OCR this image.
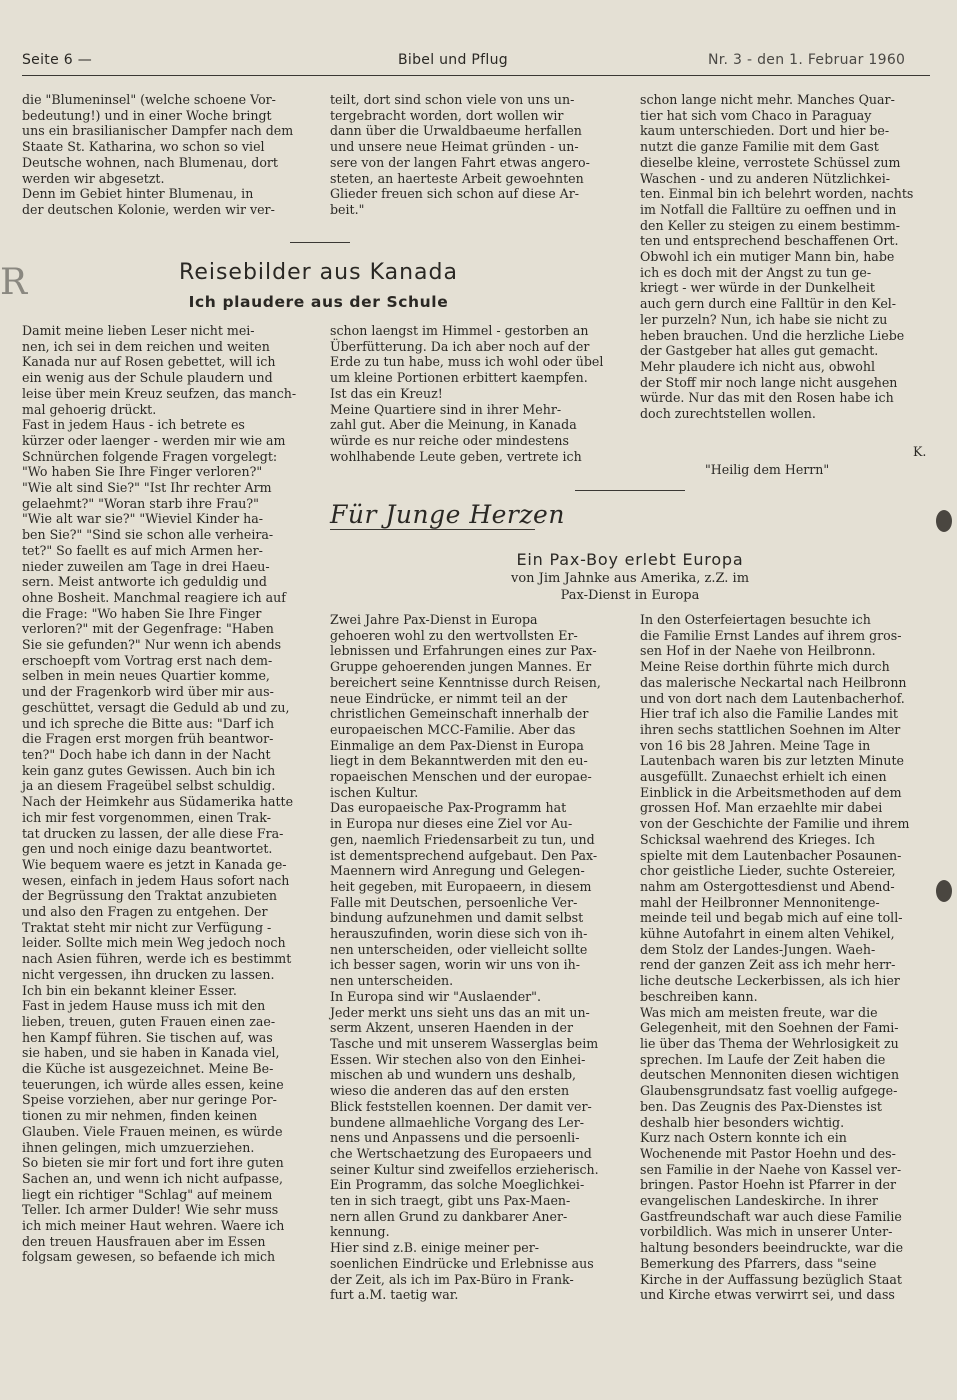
Seite 6 —	Bibel und Pflug	Nr. 3 - den 1. Februar 1960
R
die "Blumeninsel" (welche schoene Vor-
bedeutung!) und in einer Woche bringt
uns ein brasilianischer Dampfer nach dem
Staate St. Katharina, wo schon so viel
Deutsche wohnen, nach Blumenau, dort
werden wir abgesetzt.
Denn im Gebiet hinter Blumenau, in
der deutschen Kolonie, werden wir ver-
teilt, dort sind schon viele von uns un-
tergebracht worden, dort wollen wir
dann über die Urwaldbaeume herfallen
und unsere neue Heimat gründen - un-
sere von der langen Fahrt etwas angero-
steten, an haerteste Arbeit gewoehnten
Glieder freuen sich schon auf diese Ar-
beit."
Reisebilder aus Kanada
Ich plaudere aus der Schule
Damit meine lieben Leser nicht mei-
nen, ich sei in dem reichen und weiten
Kanada nur auf Rosen gebettet, will ich
ein wenig aus der Schule plaudern und
leise über mein Kreuz seufzen, das manch-
mal gehoerig drückt.
Fast in jedem Haus - ich betrete es
kürzer oder laenger - werden mir wie am
Schnürchen folgende Fragen vorgelegt:
"Wo haben Sie Ihre Finger verloren?"
"Wie alt sind Sie?" "Ist Ihr rechter Arm
gelaehmt?" "Woran starb ihre Frau?"
"Wie alt war sie?" "Wieviel Kinder ha-
ben Sie?" "Sind sie schon alle verheira-
tet?" So faellt es auf mich Armen her-
nieder zuweilen am Tage in drei Haeu-
sern. Meist antworte ich geduldig und
ohne Bosheit. Manchmal reagiere ich auf
die Frage: "Wo haben Sie Ihre Finger
verloren?" mit der Gegenfrage: "Haben
Sie sie gefunden?" Nur wenn ich abends
erschoepft vom Vortrag erst nach dem-
selben in mein neues Quartier komme,
und der Fragenkorb wird über mir aus-
geschüttet, versagt die Geduld ab und zu,
und ich spreche die Bitte aus: "Darf ich
die Fragen erst morgen früh beantwor-
ten?" Doch habe ich dann in der Nacht
kein ganz gutes Gewissen. Auch bin ich
ja an diesem Frageübel selbst schuldig.
Nach der Heimkehr aus Südamerika hatte
ich mir fest vorgenommen, einen Trak-
tat drucken zu lassen, der alle diese Fra-
gen und noch einige dazu beantwortet.
Wie bequem waere es jetzt in Kanada ge-
wesen, einfach in jedem Haus sofort nach
der Begrüssung den Traktat anzubieten
und also den Fragen zu entgehen. Der
Traktat steht mir nicht zur Verfügung -
leider. Sollte mich mein Weg jedoch noch
nach Asien führen, werde ich es bestimmt
nicht vergessen, ihn drucken zu lassen.
Ich bin ein bekannt kleiner Esser.
Fast in jedem Hause muss ich mit den
lieben, treuen, guten Frauen einen zae-
hen Kampf führen. Sie tischen auf, was
sie haben, und sie haben in Kanada viel,
die Küche ist ausgezeichnet. Meine Be-
teuerungen, ich würde alles essen, keine
Speise vorziehen, aber nur geringe Por-
tionen zu mir nehmen, finden keinen
Glauben. Viele Frauen meinen, es würde
ihnen gelingen, mich umzuerziehen.
So bieten sie mir fort und fort ihre guten
Sachen an, und wenn ich nicht aufpasse,
liegt ein richtiger "Schlag" auf meinem
Teller. Ich armer Dulder! Wie sehr muss
ich mich meiner Haut wehren. Waere ich
den treuen Hausfrauen aber im Essen
folgsam gewesen, so befaende ich mich
schon laengst im Himmel - gestorben an
Überfütterung. Da ich aber noch auf der
Erde zu tun habe, muss ich wohl oder übel
um kleine Portionen erbittert kaempfen.
Ist das ein Kreuz!
Meine Quartiere sind in ihrer Mehr-
zahl gut. Aber die Meinung, in Kanada
würde es nur reiche oder mindestens
wohlhabende Leute geben, vertrete ich
schon lange nicht mehr. Manches Quar-
tier hat sich vom Chaco in Paraguay
kaum unterschieden. Dort und hier be-
nutzt die ganze Familie mit dem Gast
dieselbe kleine, verrostete Schüssel zum
Waschen - und zu anderen Nützlichkei-
ten. Einmal bin ich belehrt worden, nachts
im Notfall die Falltüre zu oeffnen und in
den Keller zu steigen zu einem bestimm-
ten und entsprechend beschaffenen Ort.
Obwohl ich ein mutiger Mann bin, habe
ich es doch mit der Angst zu tun ge-
kriegt - wer würde in der Dunkelheit
auch gern durch eine Falltür in den Kel-
ler purzeln? Nun, ich habe sie nicht zu
heben brauchen. Und die herzliche Liebe
der Gastgeber hat alles gut gemacht.
Mehr plaudere ich nicht aus, obwohl
der Stoff mir noch lange nicht ausgehen
würde. Nur das mit den Rosen habe ich
doch zurechtstellen wollen.
K.
"Heilig dem Herrn"
Für Junge Herzen
Ein Pax-Boy erlebt Europa
von Jim Jahnke aus Amerika, z.Z. im
Pax-Dienst in Europa
Zwei Jahre Pax-Dienst in Europa
gehoeren wohl zu den wertvollsten Er-
lebnissen und Erfahrungen eines zur Pax-
Gruppe gehoerenden jungen Mannes. Er
bereichert seine Kenntnisse durch Reisen,
neue Eindrücke, er nimmt teil an der
christlichen Gemeinschaft innerhalb der
europaeischen MCC-Familie. Aber das
Einmalige an dem Pax-Dienst in Europa
liegt in dem Bekanntwerden mit den eu-
ropaeischen Menschen und der europae-
ischen Kultur.
Das europaeische Pax-Programm hat
in Europa nur dieses eine Ziel vor Au-
gen, naemlich Friedensarbeit zu tun, und
ist dementsprechend aufgebaut. Den Pax-
Maennern wird Anregung und Gelegen-
heit gegeben, mit Europaeern, in diesem
Falle mit Deutschen, persoenliche Ver-
bindung aufzunehmen und damit selbst
herauszufinden, worin diese sich von ih-
nen unterscheiden, oder vielleicht sollte
ich besser sagen, worin wir uns von ih-
nen unterscheiden.
In Europa sind wir "Auslaender".
Jeder merkt uns sieht uns das an mit un-
serm Akzent, unseren Haenden in der
Tasche und mit unserem Wasserglas beim
Essen. Wir stechen also von den Einhei-
mischen ab und wundern uns deshalb,
wieso die anderen das auf den ersten
Blick feststellen koennen. Der damit ver-
bundene allmaehliche Vorgang des Ler-
nens und Anpassens und die persoenli-
che Wertschaetzung des Europaeers und
seiner Kultur sind zweifellos erzieherisch.
Ein Programm, das solche Moeglichkei-
ten in sich traegt, gibt uns Pax-Maen-
nern allen Grund zu dankbarer Aner-
kennung.
Hier sind z.B. einige meiner per-
soenlichen Eindrücke und Erlebnisse aus
der Zeit, als ich im Pax-Büro in Frank-
furt a.M. taetig war.
In den Osterfeiertagen besuchte ich
die Familie Ernst Landes auf ihrem gros-
sen Hof in der Naehe von Heilbronn.
Meine Reise dorthin führte mich durch
das malerische Neckartal nach Heilbronn
und von dort nach dem Lautenbacherhof.
Hier traf ich also die Familie Landes mit
ihren sechs stattlichen Soehnen im Alter
von 16 bis 28 Jahren. Meine Tage in
Lautenbach waren bis zur letzten Minute
ausgefüllt. Zunaechst erhielt ich einen
Einblick in die Arbeitsmethoden auf dem
grossen Hof. Man erzaehlte mir dabei
von der Geschichte der Familie und ihrem
Schicksal waehrend des Krieges. Ich
spielte mit dem Lautenbacher Posaunen-
chor geistliche Lieder, suchte Ostereier,
nahm am Ostergottesdienst und Abend-
mahl der Heilbronner Mennonitenge-
meinde teil und begab mich auf eine toll-
kühne Autofahrt in einem alten Vehikel,
dem Stolz der Landes-Jungen. Waeh-
rend der ganzen Zeit ass ich mehr herr-
liche deutsche Leckerbissen, als ich hier
beschreiben kann.
Was mich am meisten freute, war die
Gelegenheit, mit den Soehnen der Fami-
lie über das Thema der Wehrlosigkeit zu
sprechen. Im Laufe der Zeit haben die
deutschen Mennoniten diesen wichtigen
Glaubensgrundsatz fast voellig aufgege-
ben. Das Zeugnis des Pax-Dienstes ist
deshalb hier besonders wichtig.
Kurz nach Ostern konnte ich ein
Wochenende mit Pastor Hoehn und des-
sen Familie in der Naehe von Kassel ver-
bringen. Pastor Hoehn ist Pfarrer in der
evangelischen Landeskirche. In ihrer
Gastfreundschaft war auch diese Familie
vorbildlich. Was mich in unserer Unter-
haltung besonders beeindruckte, war die
Bemerkung des Pfarrers, dass "seine
Kirche in der Auffassung bezüglich Staat
und Kirche etwas verwirrt sei, und dass
